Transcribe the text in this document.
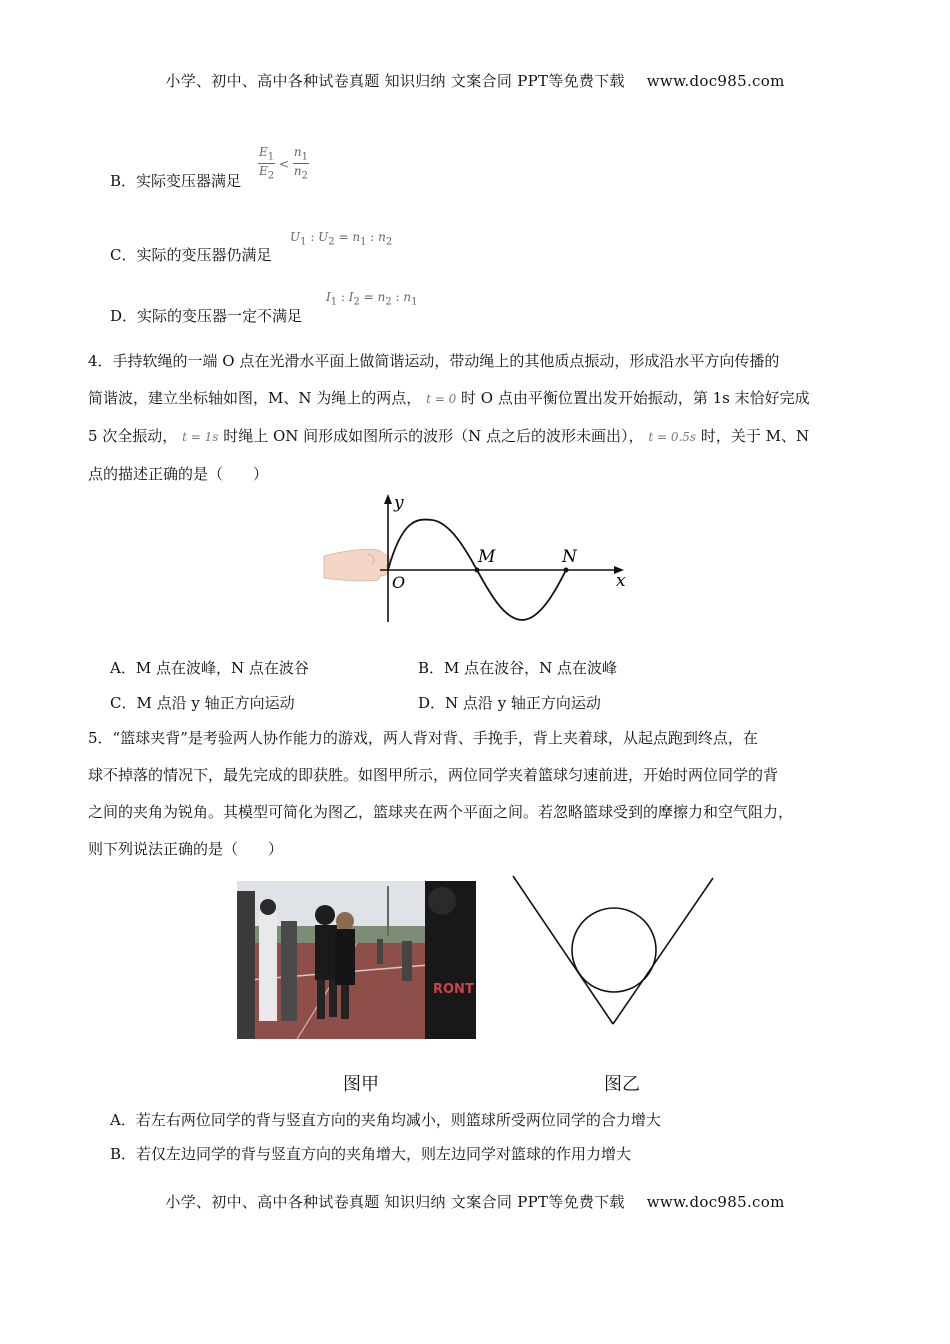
小学、初中、高中各种试卷真题 知识归纳 文案合同 PPT等免费下载 www.doc985.com
B．实际变压器满足 $\frac{E_1}{E_2} < \frac{n_1}{n_2}$
C．实际的变压器仍满足
$U_1$ : $U_2 = n_1$ : $n_2$
D．实际的变压器一定不满足
$I_1$ : $I_2 = n_2$ : $n_1$
4．手持软绳的一端 O 点在光滑水平面上做简谐运动，带动绳上的其他质点振动，形成沿水平方向传播的
简谐波，建立坐标轴如图，M、N 为绳上的两点， t = 0 时 O 点由平衡位置出发开始振动，第 1s 末恰好完成
5 次全振动， t = 1s 时绳上 ON 间形成如图所示的波形（N 点之后的波形未画出）， t = 0.5s 时，关于 M、N
点的描述正确的是（　　）
y
x
O
M	N
A．M 点在波峰，N 点在波谷	B．M 点在波谷，N 点在波峰
C．M 点沿 y 轴正方向运动	D．N 点沿 y 轴正方向运动
5．“篮球夹背”是考验两人协作能力的游戏，两人背对背、手挽手，背上夹着球，从起点跑到终点，在
球不掉落的情况下，最先完成的即获胜。如图甲所示，两位同学夹着篮球匀速前进，开始时两位同学的背
之间的夹角为锐角。其模型可简化为图乙，篮球夹在两个平面之间。若忽略篮球受到的摩擦力和空气阻力，
则下列说法正确的是（　　）
RONT
图甲	图乙
A．若左右两位同学的背与竖直方向的夹角均减小，则篮球所受两位同学的合力增大
B．若仅左边同学的背与竖直方向的夹角增大，则左边同学对篮球的作用力增大
小学、初中、高中各种试卷真题 知识归纳 文案合同 PPT等免费下载 www.doc985.com
